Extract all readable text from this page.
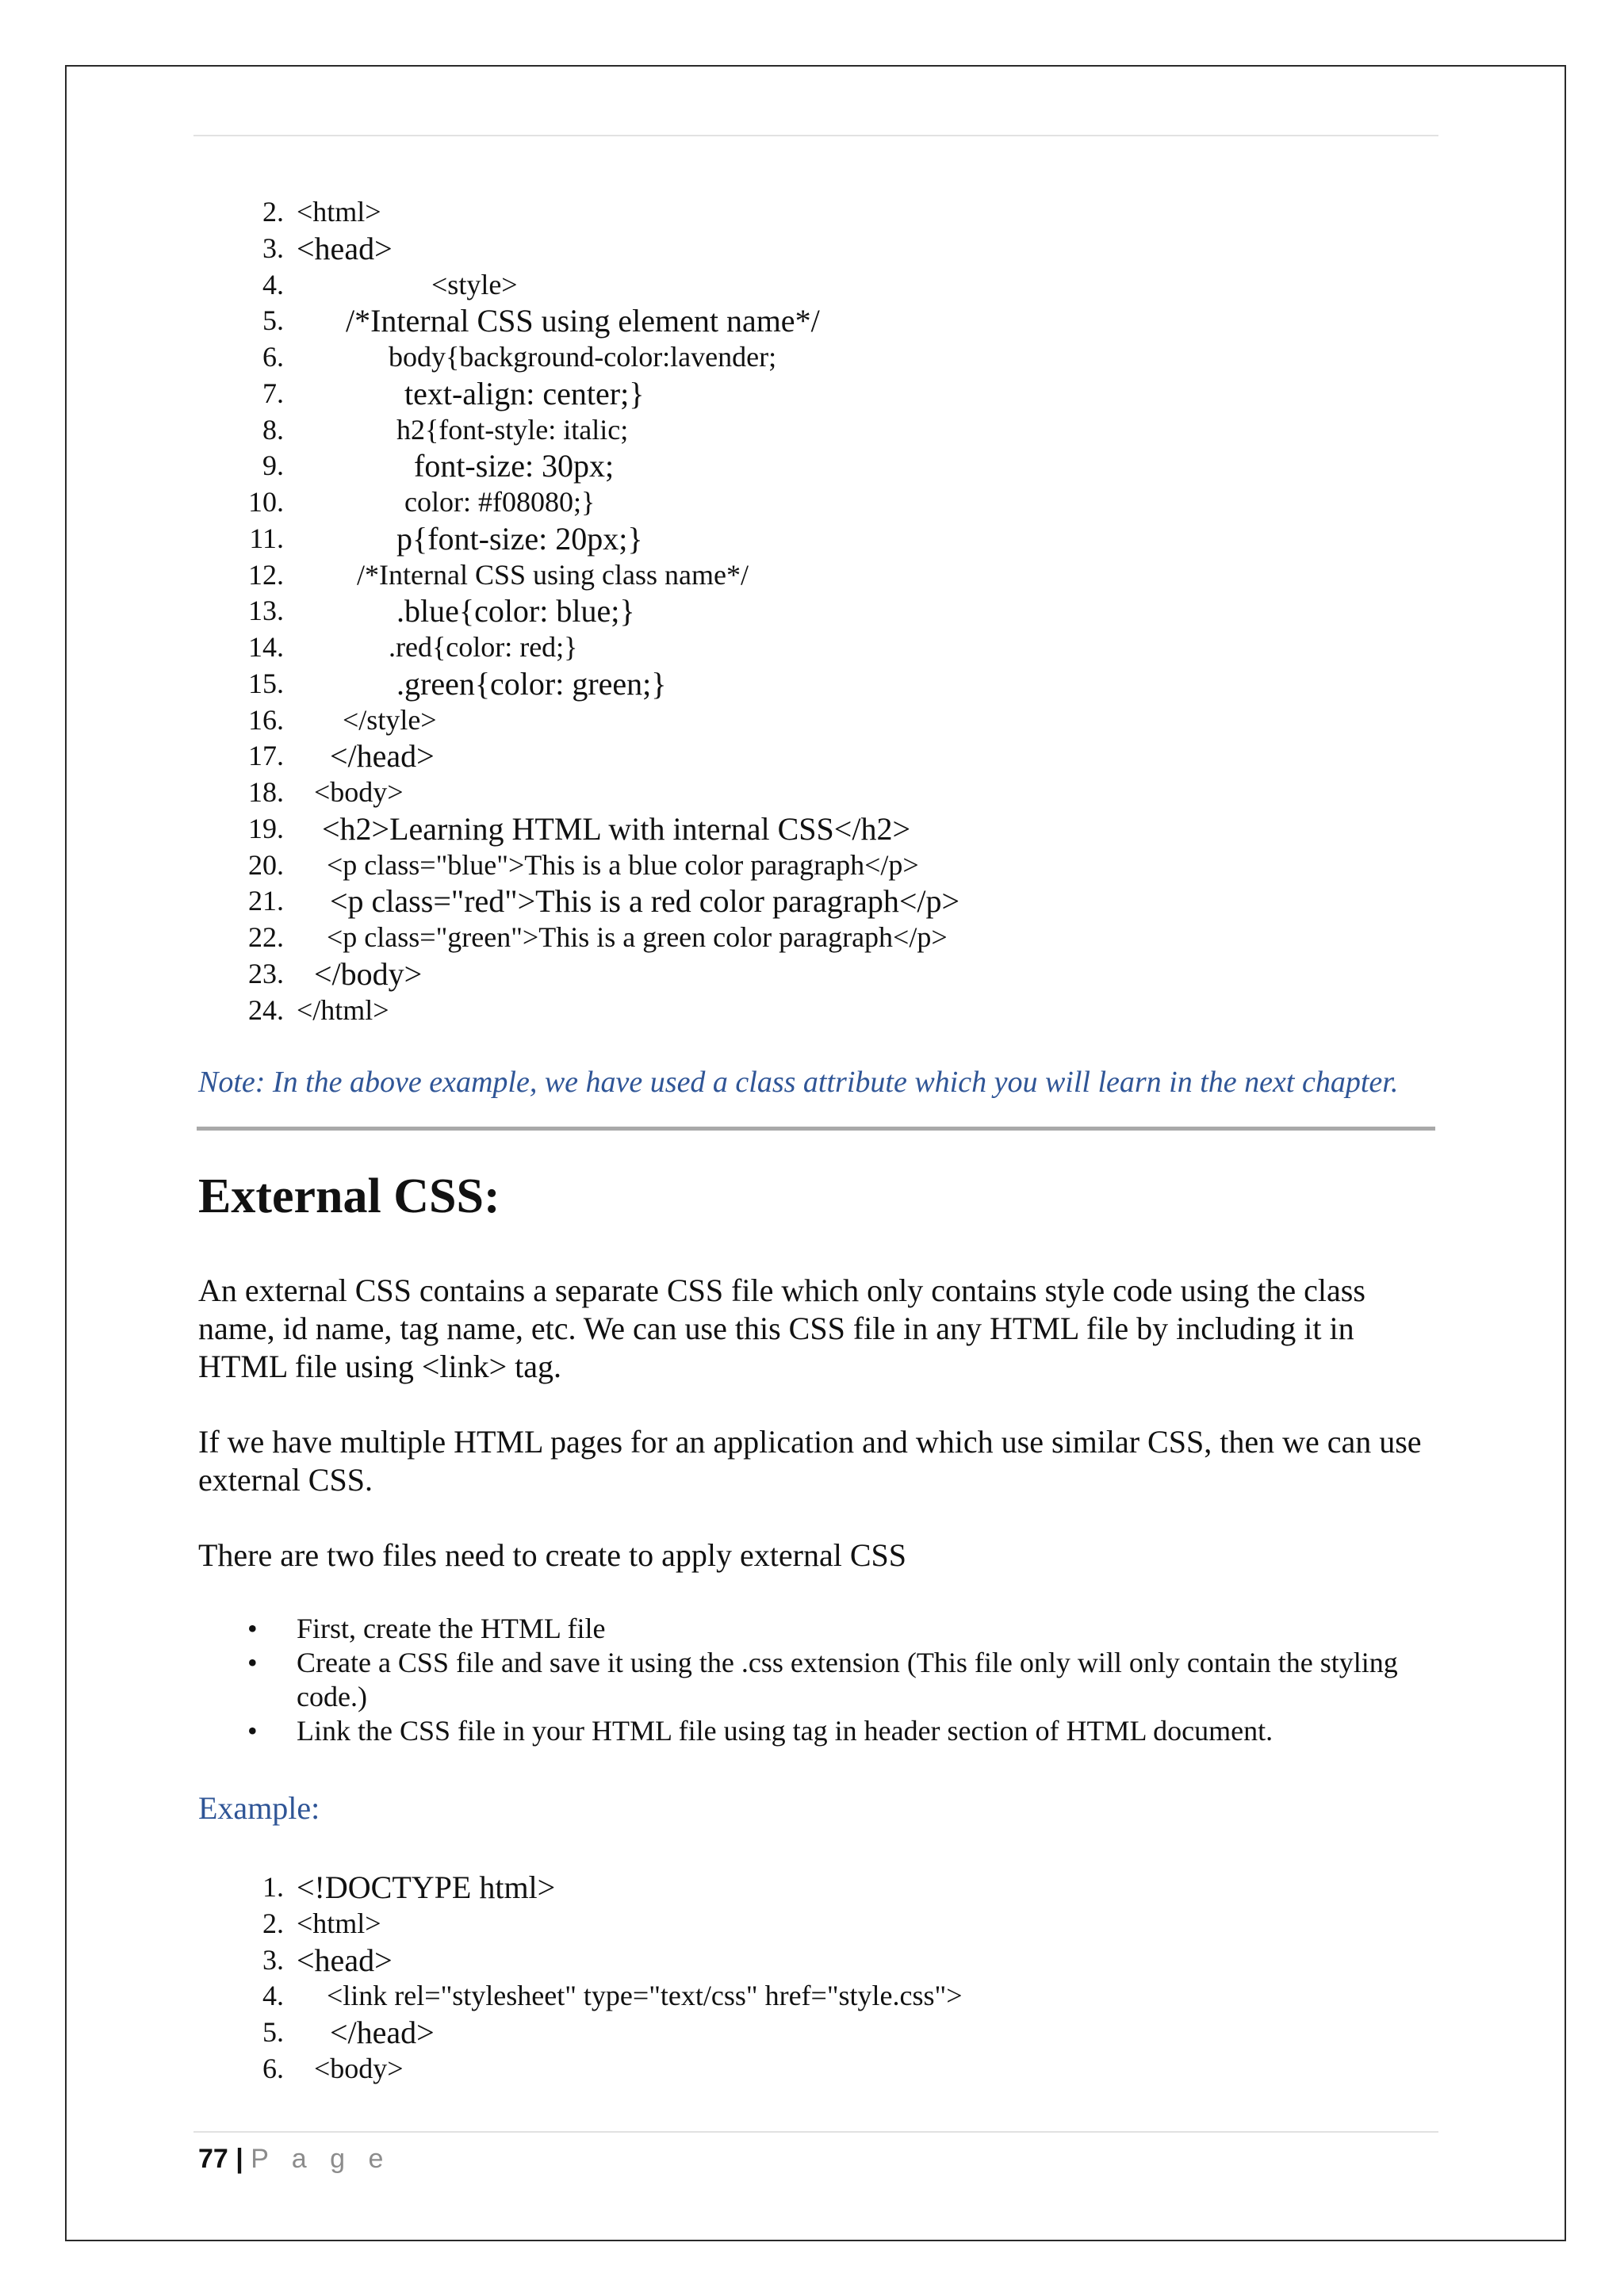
2. <html>
3. <head>
4.	<style>
5. /*Internal CSS using element name*/
6.	body{background-color:lavender;
7.	text-align: center;}
8.	h2{font-style: italic;
9.	font-size: 30px;
10.	color: #f08080;}
11.	p{font-size: 20px;}
12.	/*Internal CSS using class name*/
13.	.blue{color: blue;}
14.	.red{color: red;}
15.	.green{color: green;}
16. </style>
17. </head>
18. <body>
19. <h2>Learning HTML with internal CSS</h2>
20. <p class="blue">This is a blue color paragraph</p>
21. <p class="red">This is a red color paragraph</p>
22. <p class="green">This is a green color paragraph</p>
23. </body>
24. </html>
Note: In the above example, we have used a class attribute which you will learn in the next chapter.
External CSS:

An external CSS contains a separate CSS file which only contains style code using the class name, id name, tag name, etc. We can use this CSS file in any HTML file by including it in HTML file using <link> tag.

If we have multiple HTML pages for an application and which use similar CSS, then we can use external CSS.

There are two files need to create to apply external CSS

• First, create the HTML file
• Create a CSS file and save it using the .css extension (This file only will only contain the styling code.)
• Link the CSS file in your HTML file using tag in header section of HTML document.
Example:
1. <!DOCTYPE html>
2. <html>
3. <head>
4. <link rel="stylesheet" type="text/css" href="style.css">
5. </head>
6. <body>
77 | P a g e
